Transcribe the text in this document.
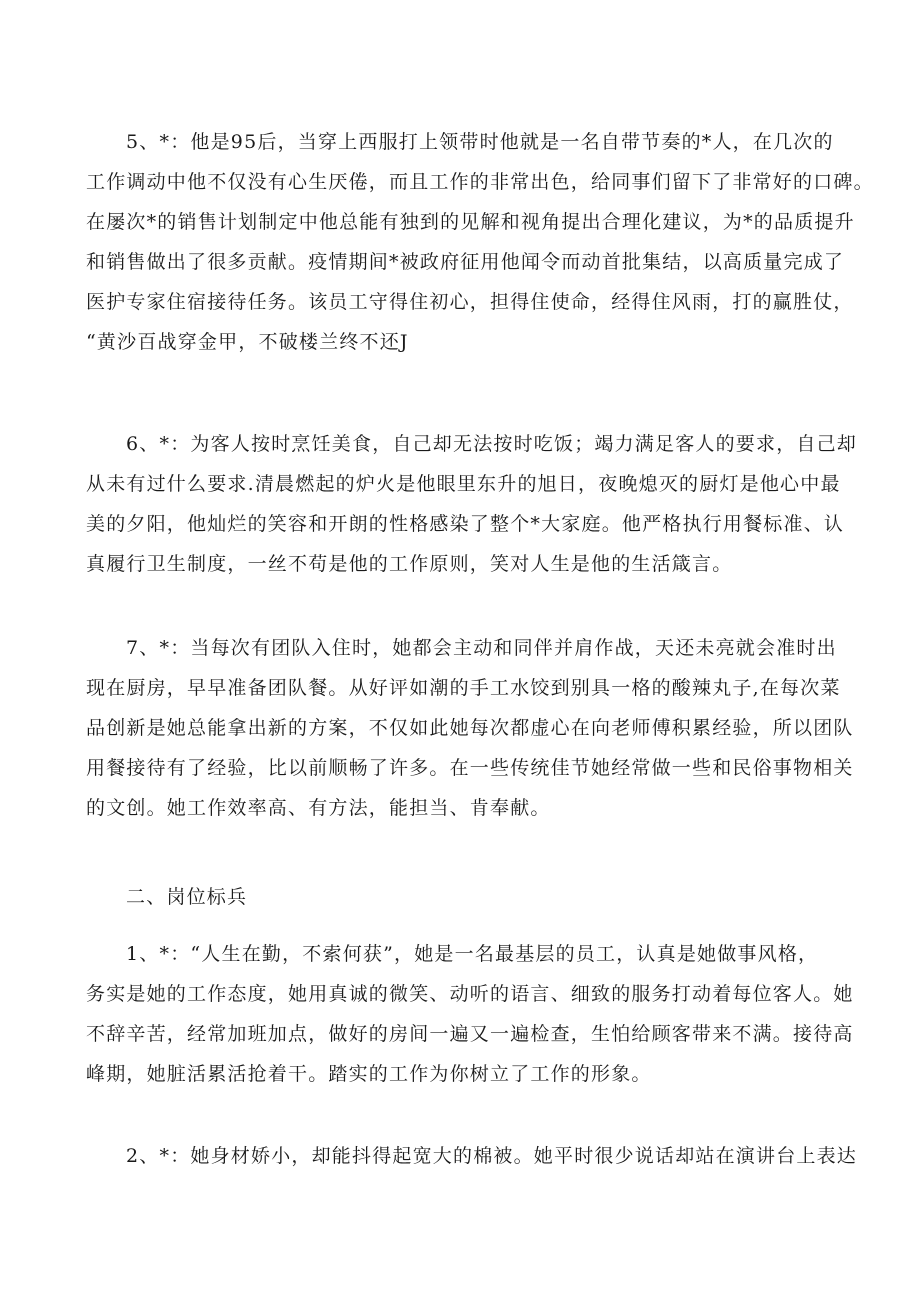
5、*：他是95后，当穿上西服打上领带时他就是一名自带节奏的*人，在几次的
工作调动中他不仅没有心生厌倦，而且工作的非常出色，给同事们留下了非常好的口碑。
在屡次*的销售计划制定中他总能有独到的见解和视角提出合理化建议，为*的品质提升
和销售做出了很多贡献。疫情期间*被政府征用他闻令而动首批集结，以高质量完成了
医护专家住宿接待任务。该员工守得住初心，担得住使命，经得住风雨，打的赢胜仗，
“黄沙百战穿金甲，不破楼兰终不还J
6、*：为客人按时烹饪美食，自己却无法按时吃饭；竭力满足客人的要求，自己却
从未有过什么要求.清晨燃起的炉火是他眼里东升的旭日，夜晚熄灭的厨灯是他心中最
美的夕阳，他灿烂的笑容和开朗的性格感染了整个*大家庭。他严格执行用餐标准、认
真履行卫生制度，一丝不苟是他的工作原则，笑对人生是他的生活箴言。
7、*：当每次有团队入住时，她都会主动和同伴并肩作战，天还未亮就会准时出
现在厨房，早早准备团队餐。从好评如潮的手工水饺到别具一格的酸辣丸子,在每次菜
品创新是她总能拿出新的方案，不仅如此她每次都虚心在向老师傅积累经验，所以团队
用餐接待有了经验，比以前顺畅了许多。在一些传统佳节她经常做一些和民俗事物相关
的文创。她工作效率高、有方法，能担当、肯奉献。
二、岗位标兵
1、*：“人生在勤，不索何获”，她是一名最基层的员工，认真是她做事风格，
务实是她的工作态度，她用真诚的微笑、动听的语言、细致的服务打动着每位客人。她
不辞辛苦，经常加班加点，做好的房间一遍又一遍检查，生怕给顾客带来不满。接待高
峰期，她脏活累活抢着干。踏实的工作为你树立了工作的形象。
2、*：她身材娇小，却能抖得起宽大的棉被。她平时很少说话却站在演讲台上表达
